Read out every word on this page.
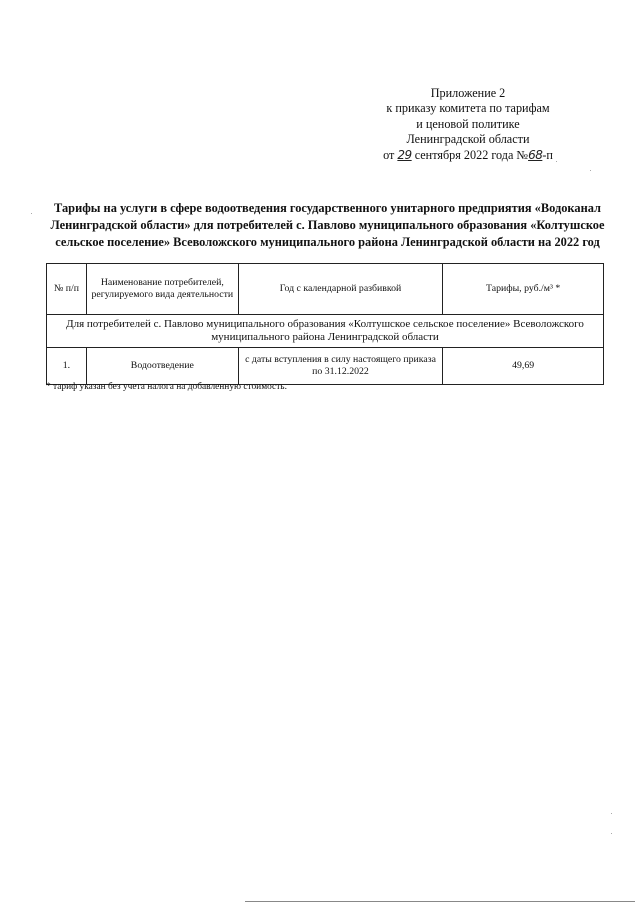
Приложение 2
к приказу комитета по тарифам
и ценовой политике
Ленинградской области
от 29 сентября 2022 года №68-п
Тарифы на услуги в сфере водоотведения государственного унитарного предприятия «Водоканал Ленинградской области» для потребителей с. Павлово муниципального образования «Колтушское сельское поселение» Всеволожского муниципального района Ленинградской области на 2022 год
№ п/п	Наименование потребителей, регулируемого вида деятельности	Год с календарной разбивкой	Тарифы, руб./м³ *
Для потребителей с. Павлово муниципального образования «Колтушское сельское поселение» Всеволожского муниципального района Ленинградской области			
1.	Водоотведение	с даты вступления в силу настоящего приказа по 31.12.2022	49,69
* тариф указан без учета налога на добавленную стоимость.
